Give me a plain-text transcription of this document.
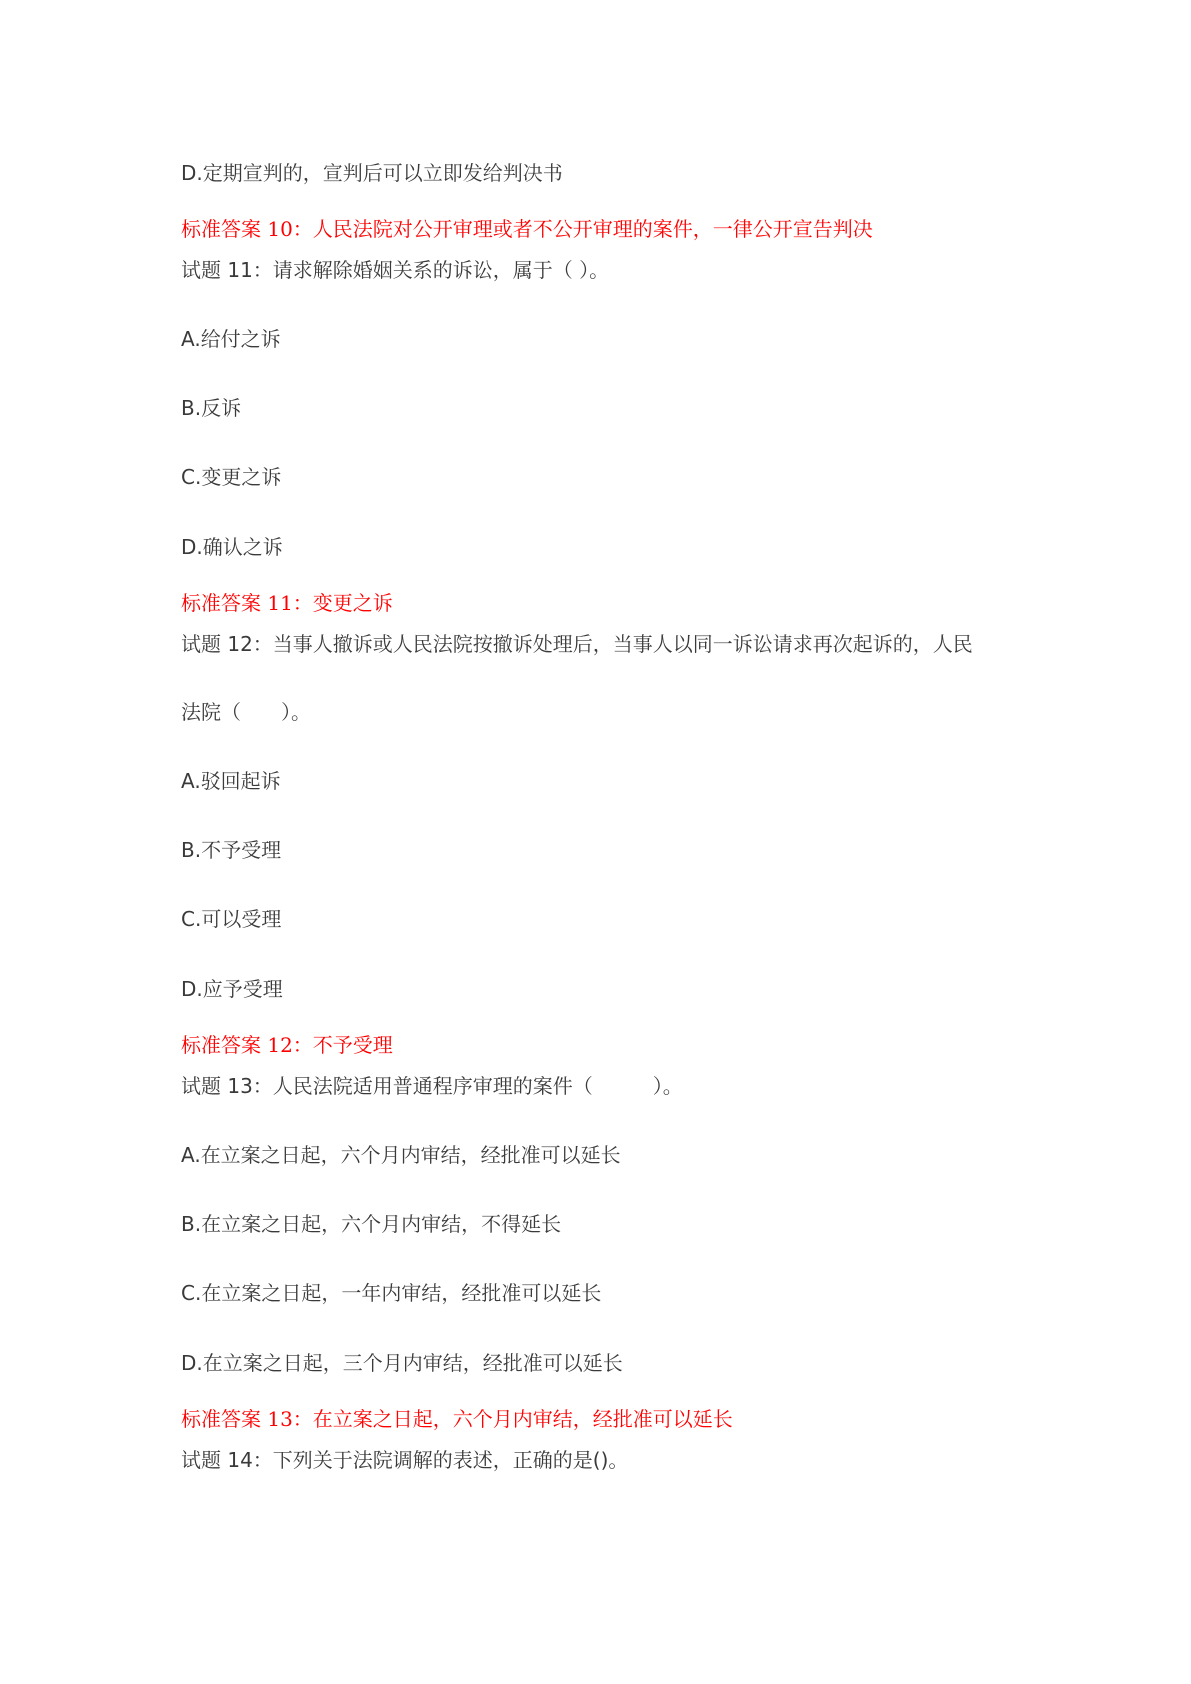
D.定期宣判的，宣判后可以立即发给判决书
标准答案 10：人民法院对公开审理或者不公开审理的案件，一律公开宣告判决
试题 11：请求解除婚姻关系的诉讼，属于（ ）。
A.给付之诉
B.反诉
C.变更之诉
D.确认之诉
标准答案 11：变更之诉
试题 12：当事人撤诉或人民法院按撤诉处理后，当事人以同一诉讼请求再次起诉的，人民
法院（　　）。
A.驳回起诉
B.不予受理
C.可以受理
D.应予受理
标准答案 12：不予受理
试题 13：人民法院适用普通程序审理的案件（　　　）。
A.在立案之日起，六个月内审结，经批准可以延长
B.在立案之日起，六个月内审结，不得延长
C.在立案之日起，一年内审结，经批准可以延长
D.在立案之日起，三个月内审结，经批准可以延长
标准答案 13：在立案之日起，六个月内审结，经批准可以延长
试题 14：下列关于法院调解的表述，正确的是()。
